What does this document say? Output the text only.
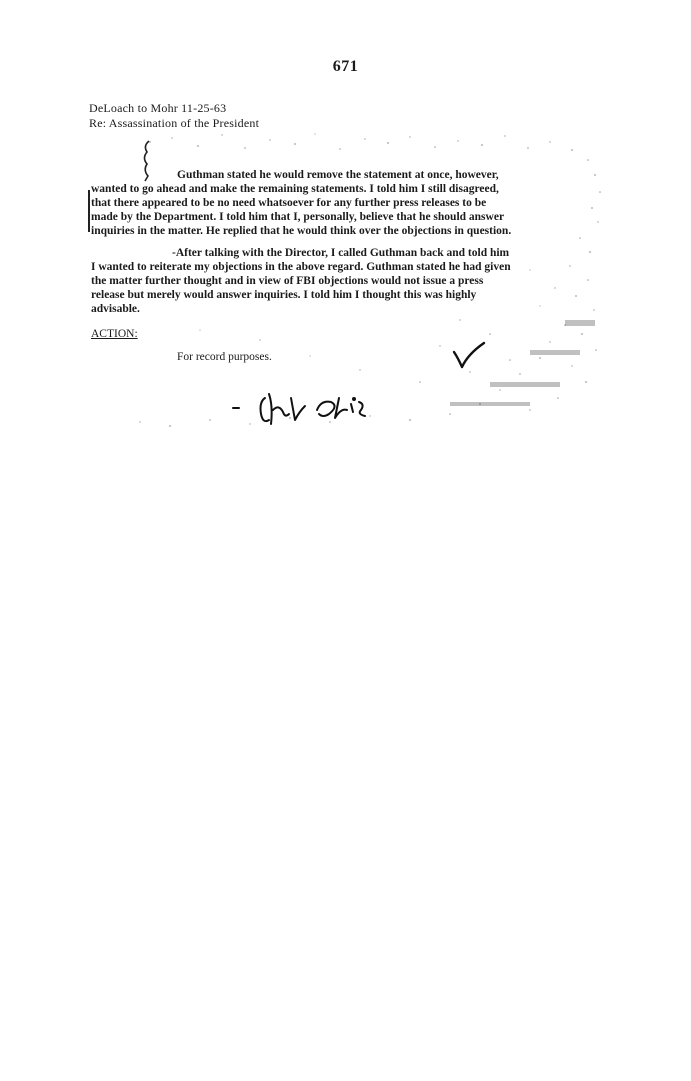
671
DeLoach to Mohr 11-25-63
Re: Assassination of the President
Guthman stated he would remove the statement at once, however,
wanted to go ahead and make the remaining statements. I told him I still disagreed,
that there appeared to be no need whatsoever for any further press releases to be
made by the Department. I told him that I, personally, believe that he should answer
inquiries in the matter. He replied that he would think over the objections in question.
-After talking with the Director, I called Guthman back and told him
I wanted to reiterate my objections in the above regard. Guthman stated he had given
the matter further thought and in view of FBI objections would not issue a press
release but merely would answer inquiries. I told him I thought this was highly
advisable.
ACTION:
For record purposes.
